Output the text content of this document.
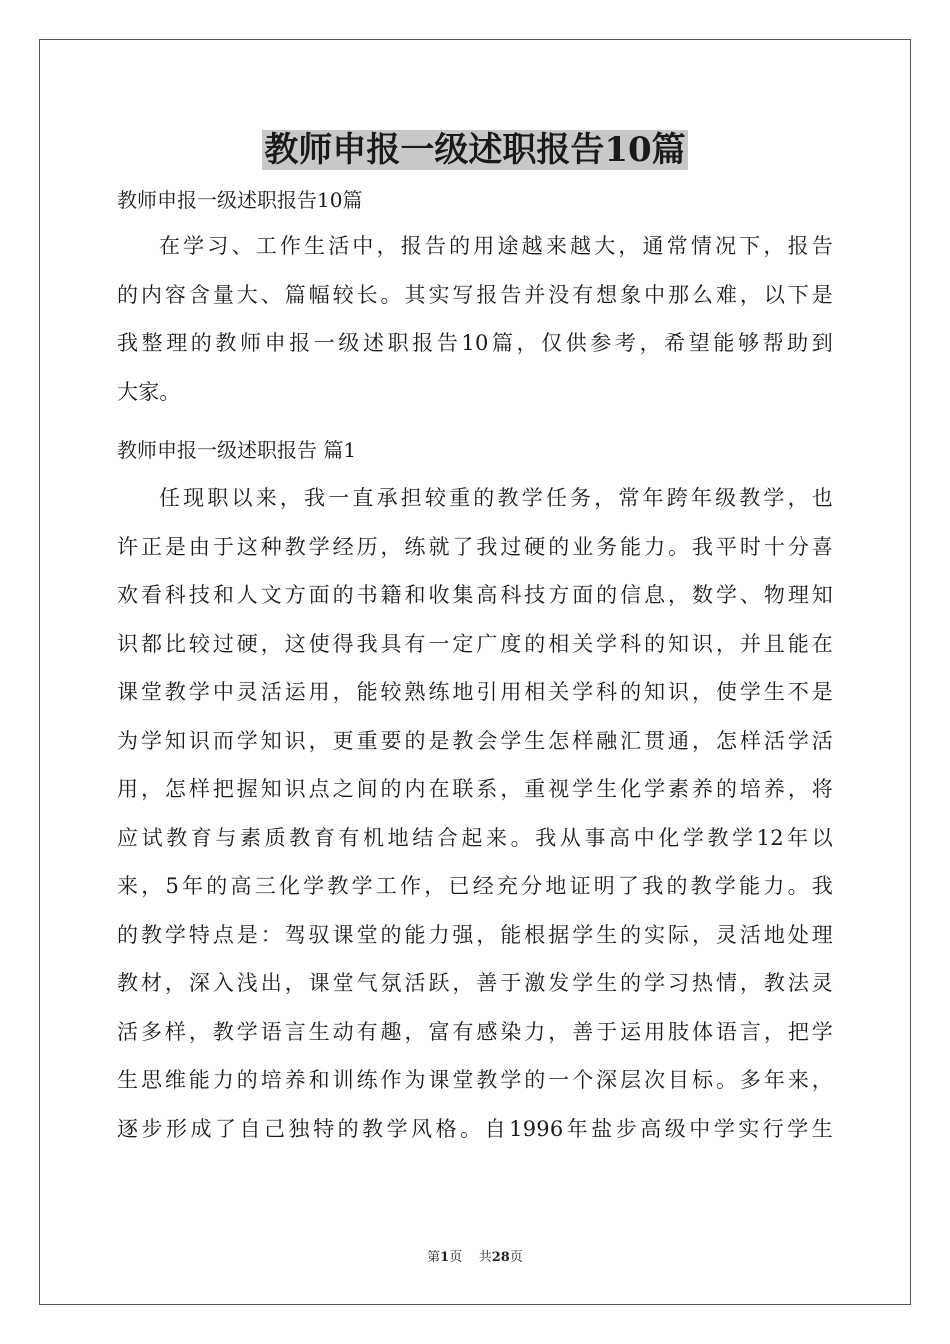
教师申报一级述职报告10篇
教师申报一级述职报告10篇
在学习、工作生活中，报告的用途越来越大，通常情况下，报告
的内容含量大、篇幅较长。其实写报告并没有想象中那么难，以下是
我整理的教师申报一级述职报告10篇，仅供参考，希望能够帮助到
大家。
教师申报一级述职报告 篇1
任现职以来，我一直承担较重的教学任务，常年跨年级教学，也
许正是由于这种教学经历，练就了我过硬的业务能力。我平时十分喜
欢看科技和人文方面的书籍和收集高科技方面的信息，数学、物理知
识都比较过硬，这使得我具有一定广度的相关学科的知识，并且能在
课堂教学中灵活运用，能较熟练地引用相关学科的知识，使学生不是
为学知识而学知识，更重要的是教会学生怎样融汇贯通，怎样活学活
用，怎样把握知识点之间的内在联系，重视学生化学素养的培养，将
应试教育与素质教育有机地结合起来。我从事高中化学教学12年以
来，5年的高三化学教学工作，已经充分地证明了我的教学能力。我
的教学特点是：驾驭课堂的能力强，能根据学生的实际，灵活地处理
教材，深入浅出，课堂气氛活跃，善于激发学生的学习热情，教法灵
活多样，教学语言生动有趣，富有感染力，善于运用肢体语言，把学
生思维能力的培养和训练作为课堂教学的一个深层次目标。多年来，
逐步形成了自己独特的教学风格。自1996年盐步高级中学实行学生
第1页    共28页
